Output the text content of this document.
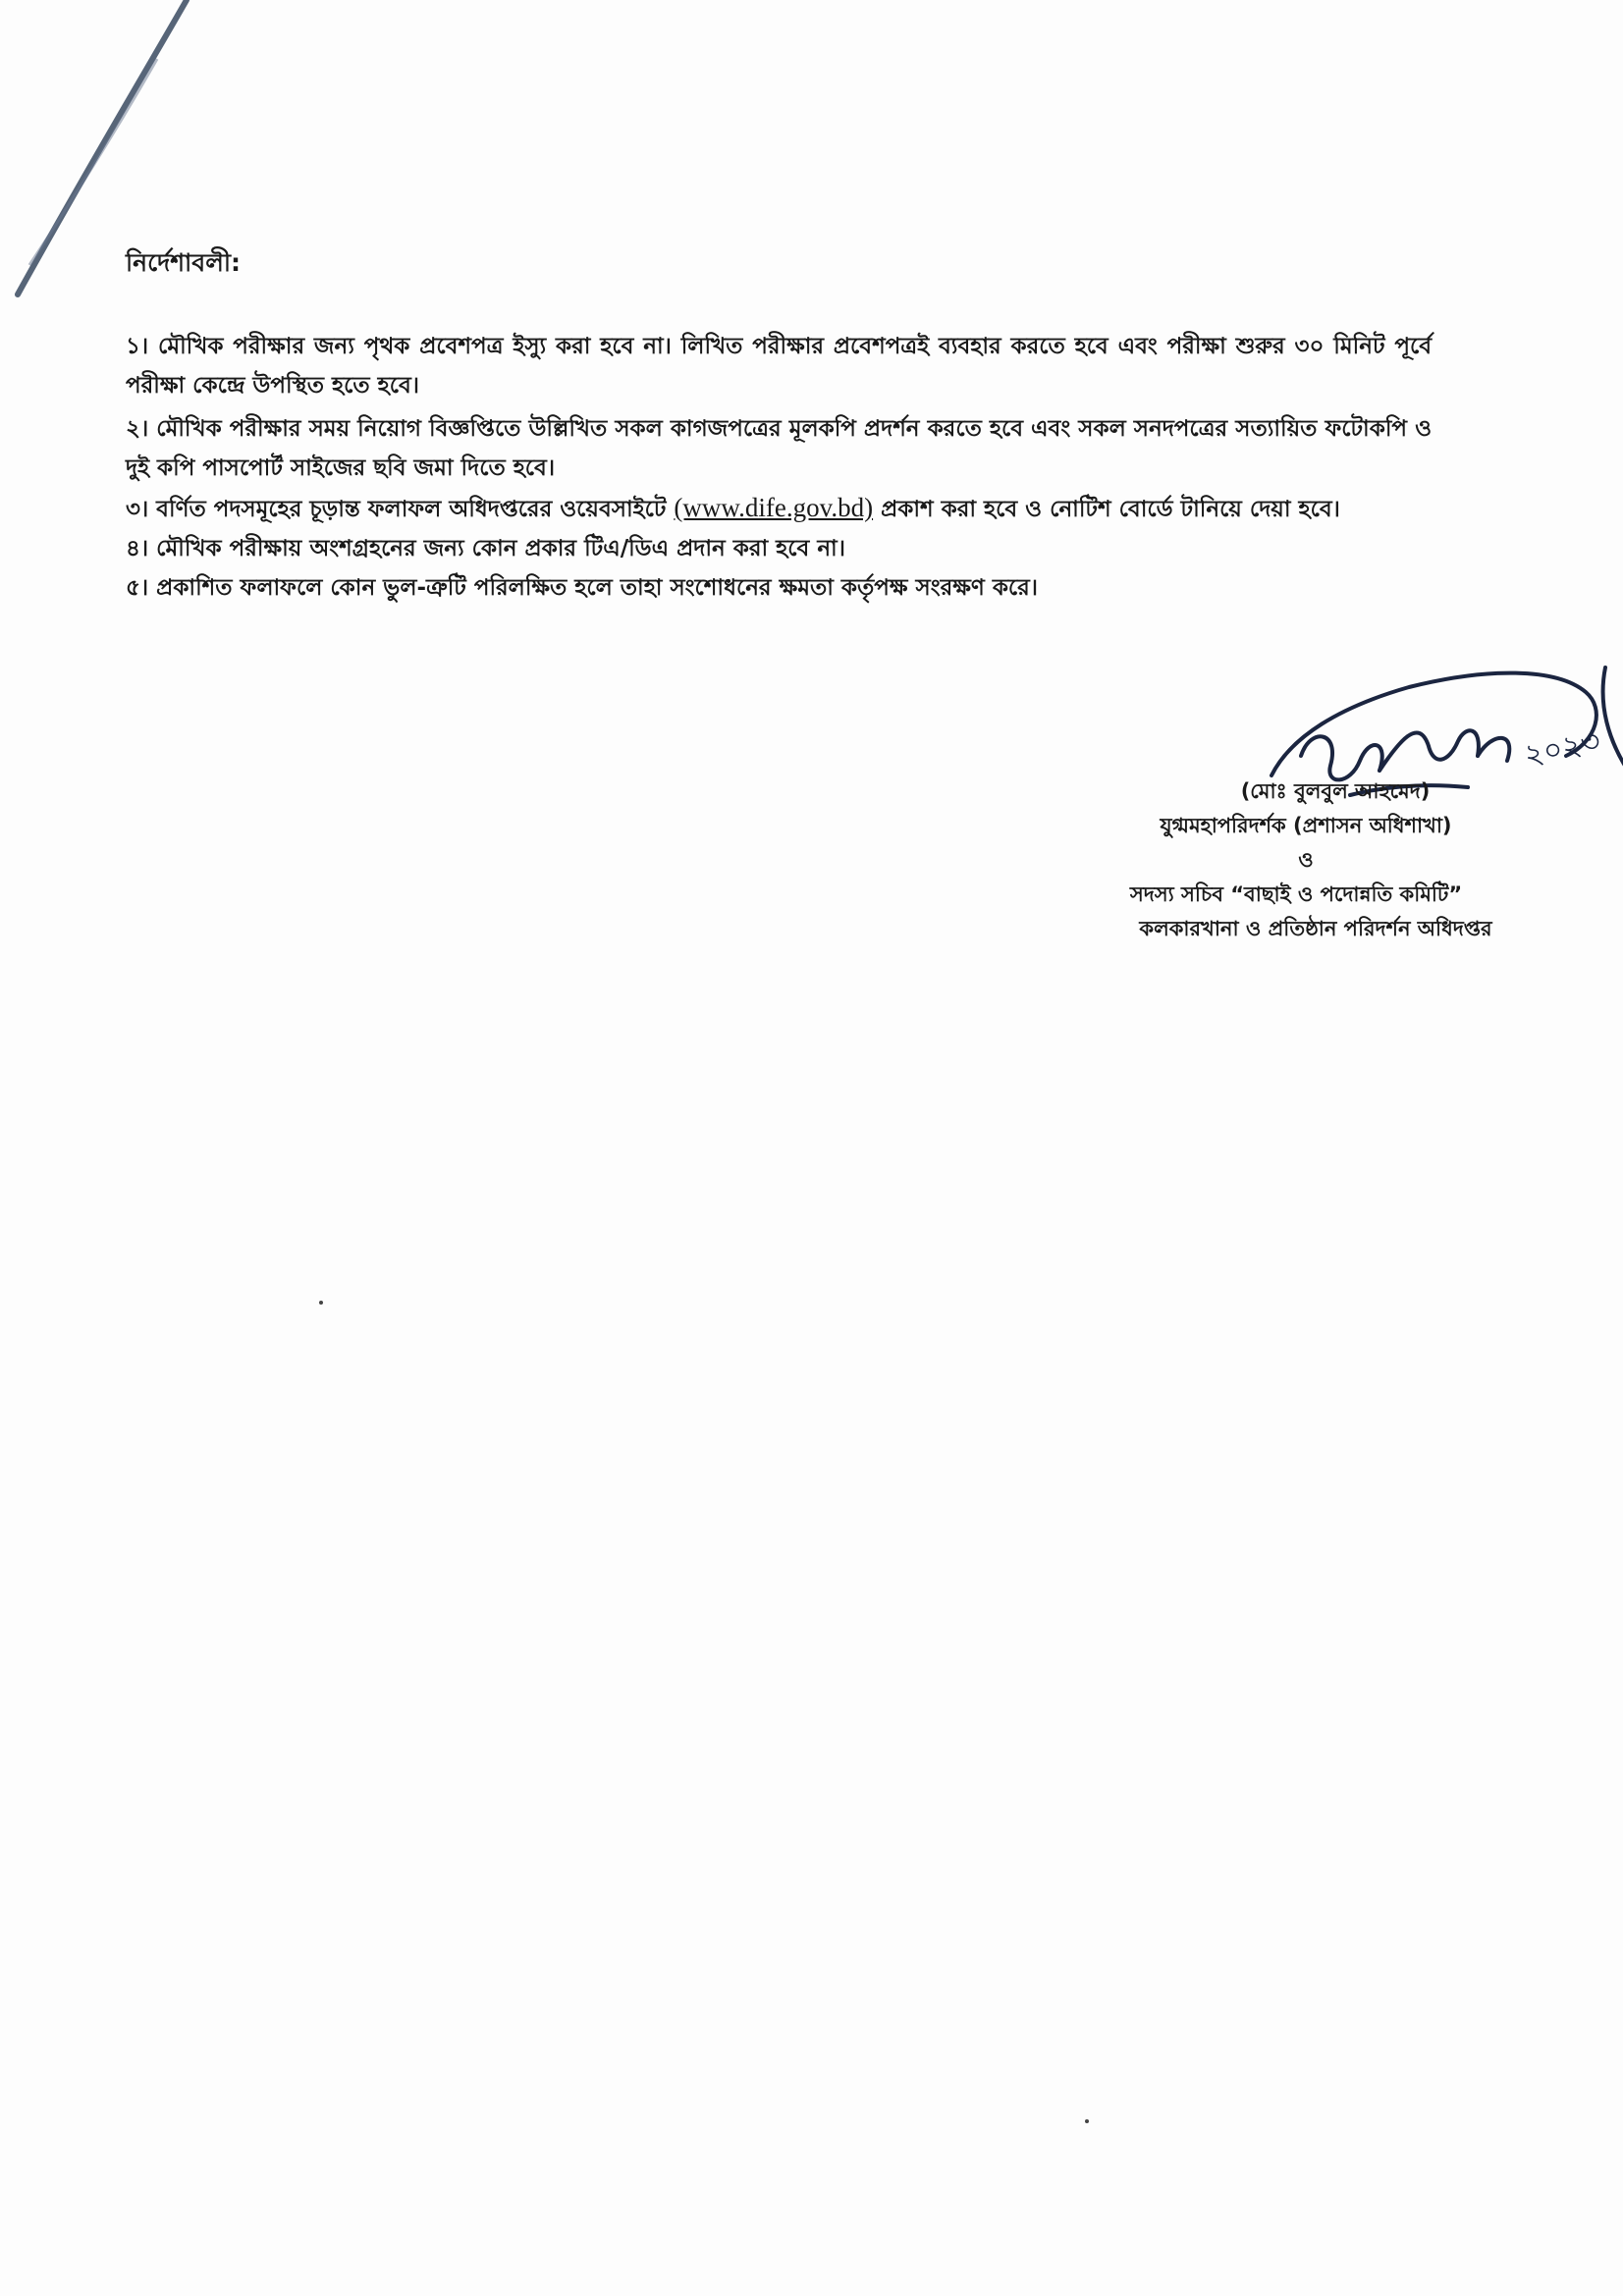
নির্দেশাবলী:

১। মৌখিক পরীক্ষার জন্য পৃথক প্রবেশপত্র ইস্যু করা হবে না। লিখিত পরীক্ষার প্রবেশপত্রই ব্যবহার করতে হবে এবং পরীক্ষা শুরুর ৩০ মিনিট পূর্বে পরীক্ষা কেন্দ্রে উপস্থিত হতে হবে।
২। মৌখিক পরীক্ষার সময় নিয়োগ বিজ্ঞপ্তিতে উল্লিখিত সকল কাগজপত্রের মূলকপি প্রদর্শন করতে হবে এবং সকল সনদপত্রের সত্যায়িত ফটোকপি ও দুই কপি পাসপোর্ট সাইজের ছবি জমা দিতে হবে।
৩। বর্ণিত পদসমূহের চূড়ান্ত ফলাফল অধিদপ্তরের ওয়েবসাইটে (www.dife.gov.bd) প্রকাশ করা হবে ও নোটিশ বোর্ডে টানিয়ে দেয়া হবে।
৪। মৌখিক পরীক্ষায় অংশগ্রহনের জন্য কোন প্রকার টিএ/ডিএ প্রদান করা হবে না।
৫। প্রকাশিত ফলাফলে কোন ভুল-ত্রুটি পরিলক্ষিত হলে তাহা সংশোধনের ক্ষমতা কর্তৃপক্ষ সংরক্ষণ করে।
২০২৩
(মোঃ বুলবুল আহমেদ)
যুগ্মমহাপরিদর্শক (প্রশাসন অধিশাখা)
ও
সদস্য সচিব “বাছাই ও পদোন্নতি কমিটি”
কলকারখানা ও প্রতিষ্ঠান পরিদর্শন অধিদপ্তর
